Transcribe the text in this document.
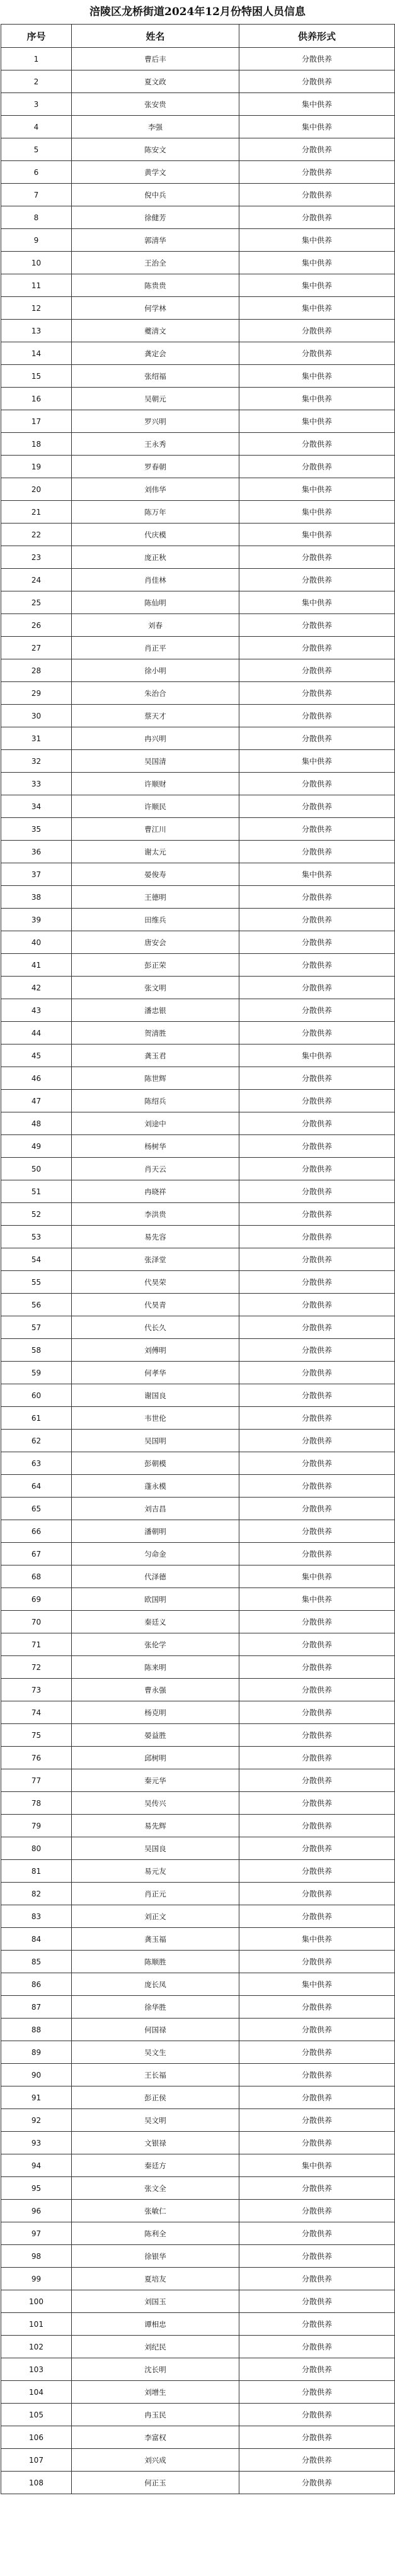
涪陵区龙桥街道2024年12月份特困人员信息
序号	姓名	供养形式
1	曹后丰	分散供养
2	夏文政	分散供养
3	张安贵	集中供养
4	李强	集中供养
5	陈安文	分散供养
6	黄学文	分散供养
7	倪中兵	分散供养
8	徐健芳	分散供养
9	郭清华	集中供养
10	王治全	集中供养
11	陈贵贵	集中供养
12	何学林	集中供养
13	夔清文	分散供养
14	龚定会	分散供养
15	张绍福	集中供养
16	吴朝元	集中供养
17	罗兴明	集中供养
18	王永秀	分散供养
19	罗春朝	分散供养
20	刘伟华	集中供养
21	陈万年	集中供养
22	代庆模	集中供养
23	庞正秋	分散供养
24	肖佳林	分散供养
25	陈仙明	集中供养
26	刘春	分散供养
27	肖正平	分散供养
28	徐小明	分散供养
29	朱治合	分散供养
30	蔡天才	分散供养
31	冉兴明	分散供养
32	吴国清	集中供养
33	许顺财	分散供养
34	许顺民	分散供养
35	曹江川	分散供养
36	谢太元	分散供养
37	晏俊寿	集中供养
38	王德明	分散供养
39	田维兵	分散供养
40	唐安会	分散供养
41	彭正荣	分散供养
42	张文明	分散供养
43	潘忠银	分散供养
44	贺清胜	分散供养
45	龚玉君	集中供养
46	陈世辉	分散供养
47	陈绍兵	分散供养
48	刘途中	分散供养
49	杨树华	分散供养
50	肖天云	分散供养
51	冉晓祥	分散供养
52	李洪贵	分散供养
53	易先容	分散供养
54	张泽堂	分散供养
55	代昊荣	分散供养
56	代昊青	分散供养
57	代长久	分散供养
58	刘傅明	分散供养
59	何孝华	分散供养
60	谢国良	分散供养
61	韦世伦	分散供养
62	吴国明	分散供养
63	彭朝模	分散供养
64	蓬永模	分散供养
65	刘吉昌	分散供养
66	潘朝明	分散供养
67	匀命金	分散供养
68	代泽德	集中供养
69	欧国明	集中供养
70	秦廷义	分散供养
71	张伦学	分散供养
72	陈来明	分散供养
73	曹永强	分散供养
74	杨克明	分散供养
75	晏益胜	分散供养
76	邱树明	分散供养
77	秦元华	分散供养
78	吴传兴	分散供养
79	易先辉	分散供养
80	吴国良	分散供养
81	易元友	分散供养
82	肖正元	分散供养
83	刘正文	分散供养
84	龚玉福	集中供养
85	陈顺胜	分散供养
86	庞长凤	集中供养
87	徐华胜	分散供养
88	何国禄	分散供养
89	吴文生	分散供养
90	王长福	分散供养
91	彭正侯	分散供养
92	吴文明	分散供养
93	文银禄	分散供养
94	秦廷方	集中供养
95	张文全	分散供养
96	张敏仁	分散供养
97	陈利全	分散供养
98	徐银华	分散供养
99	夏培友	分散供养
100	刘国玉	分散供养
101	谭相忠	分散供养
102	刘纪民	分散供养
103	沈长明	分散供养
104	刘增生	分散供养
105	冉玉民	分散供养
106	李富权	分散供养
107	刘兴成	分散供养
108	何正玉	分散供养
